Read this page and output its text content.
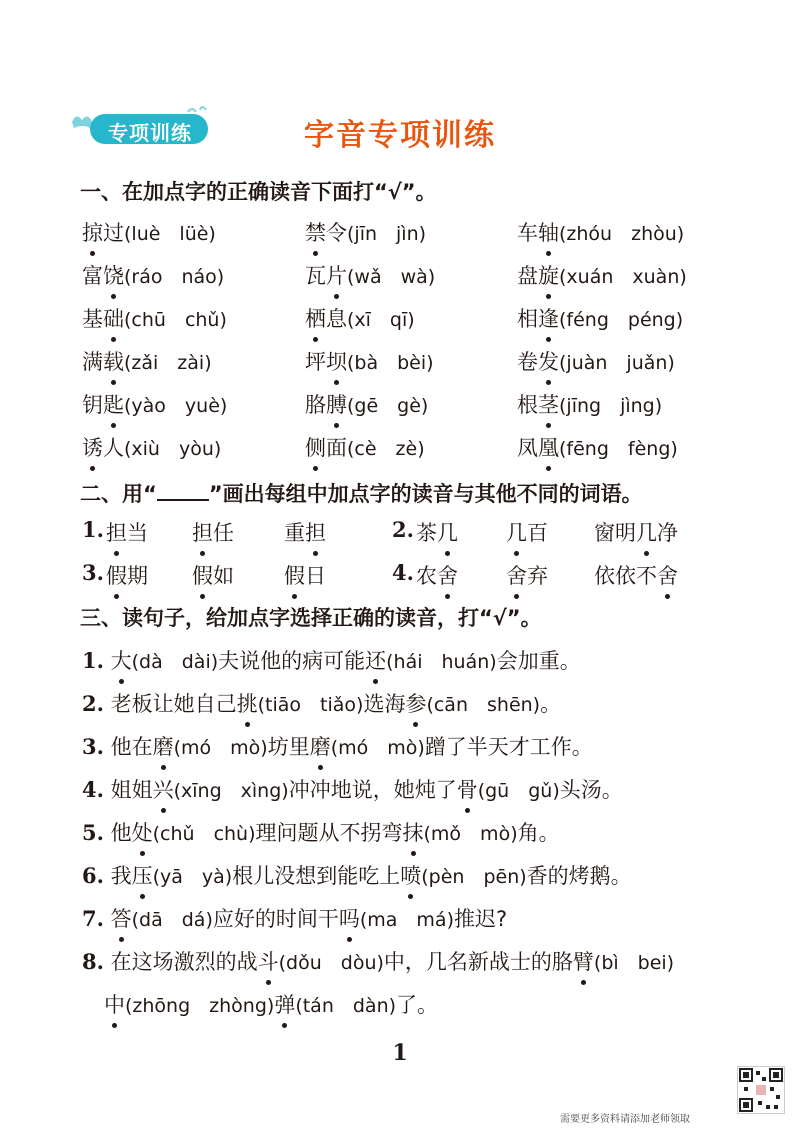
专项训练	字音专项训练
一、在加点字的正确读音下面打“√”。
掠过(luè　lüè)	禁令(jīn　jìn)	车轴(zhóu　zhòu)
富饶(ráo　náo)	瓦片(wǎ　wà)	盘旋(xuán　xuàn)
基础(chū　chǔ)	栖息(xī　qī)	相逢(féng　péng)
满载(zǎi　zài)	坪坝(bà　bèi)	卷发(juàn　juǎn)
钥匙(yào　yuè)	胳膊(gē　gè)	根茎(jīng　jìng)
诱人(xiù　yòu)	侧面(cè　zè)	凤凰(fēng　fèng)
二、用“ ”画出每组中加点字的读音与其他不同的词语。
1. 担当 担任 重担	2. 茶几 几百 窗明几净
3. 假期 假如 假日	4. 农舍 舍弃 依依不舍
三、读句子，给加点字选择正确的读音，打“√”。
1. 大(dà　dài)夫说他的病可能还(hái　huán)会加重。
2. 老板让她自己挑(tiāo　tiǎo)选海参(cān　shēn)。
3. 他在磨(mó　mò)坊里磨(mó　mò)蹭了半天才工作。
4. 姐姐兴(xīng　xìng)冲冲地说，她炖了骨(gū　gǔ)头汤。
5. 他处(chǔ　chù)理问题从不拐弯抹(mǒ　mò)角。
6. 我压(yā　yà)根儿没想到能吃上喷(pèn　pēn)香的烤鹅。
7. 答(dā　dá)应好的时间干吗(ma　má)推迟?
8. 在这场激烈的战斗(dǒu　dòu)中，几名新战士的胳臂(bì　bei)
中(zhōng　zhòng)弹(tán　dàn)了。
1
需要更多资料请添加老师领取
